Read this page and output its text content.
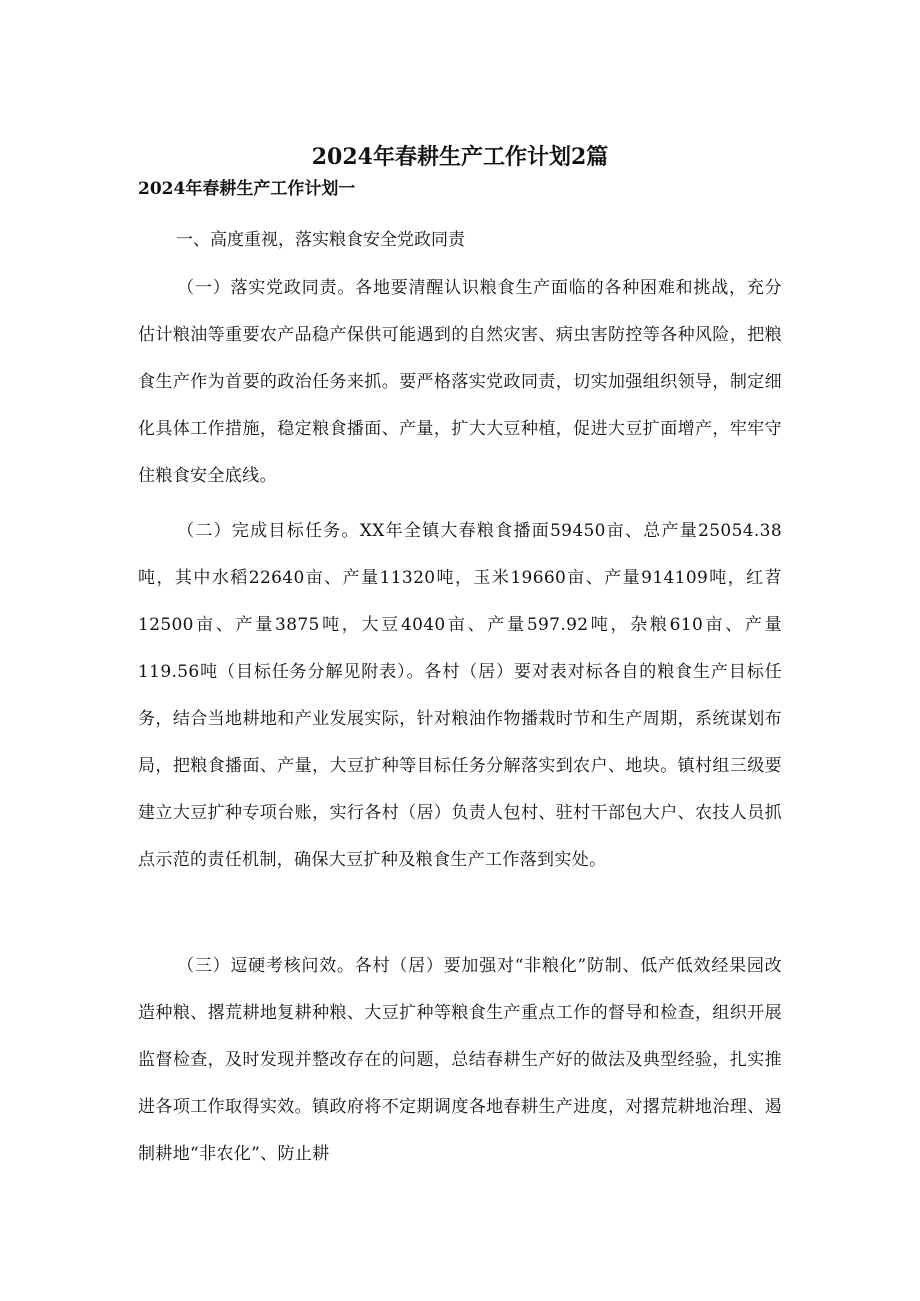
2024年春耕生产工作计划2篇
2024年春耕生产工作计划一
一、高度重视，落实粮食安全党政同责

（一）落实党政同责。各地要清醒认识粮食生产面临的各种困难和挑战，充分估计粮油等重要农产品稳产保供可能遇到的自然灾害、病虫害防控等各种风险，把粮食生产作为首要的政治任务来抓。要严格落实党政同责，切实加强组织领导，制定细化具体工作措施，稳定粮食播面、产量，扩大大豆种植，促进大豆扩面增产，牢牢守住粮食安全底线。

（二）完成目标任务。XX年全镇大春粮食播面59450亩、总产量25054.38吨，其中水稻22640亩、产量11320吨，玉米19660亩、产量914109吨，红苕12500亩、产量3875吨，大豆4040亩、产量597.92吨，杂粮610亩、产量119.56吨（目标任务分解见附表）。各村（居）要对表对标各自的粮食生产目标任务，结合当地耕地和产业发展实际，针对粮油作物播栽时节和生产周期，系统谋划布局，把粮食播面、产量，大豆扩种等目标任务分解落实到农户、地块。镇村组三级要建立大豆扩种专项台账，实行各村（居）负责人包村、驻村干部包大户、农技人员抓点示范的责任机制，确保大豆扩种及粮食生产工作落到实处。

（三）逗硬考核问效。各村（居）要加强对“非粮化”防制、低产低效经果园改造种粮、撂荒耕地复耕种粮、大豆扩种等粮食生产重点工作的督导和检查，组织开展监督检查，及时发现并整改存在的问题，总结春耕生产好的做法及典型经验，扎实推进各项工作取得实效。镇政府将不定期调度各地春耕生产进度，对撂荒耕地治理、遏制耕地“非农化”、防止耕
